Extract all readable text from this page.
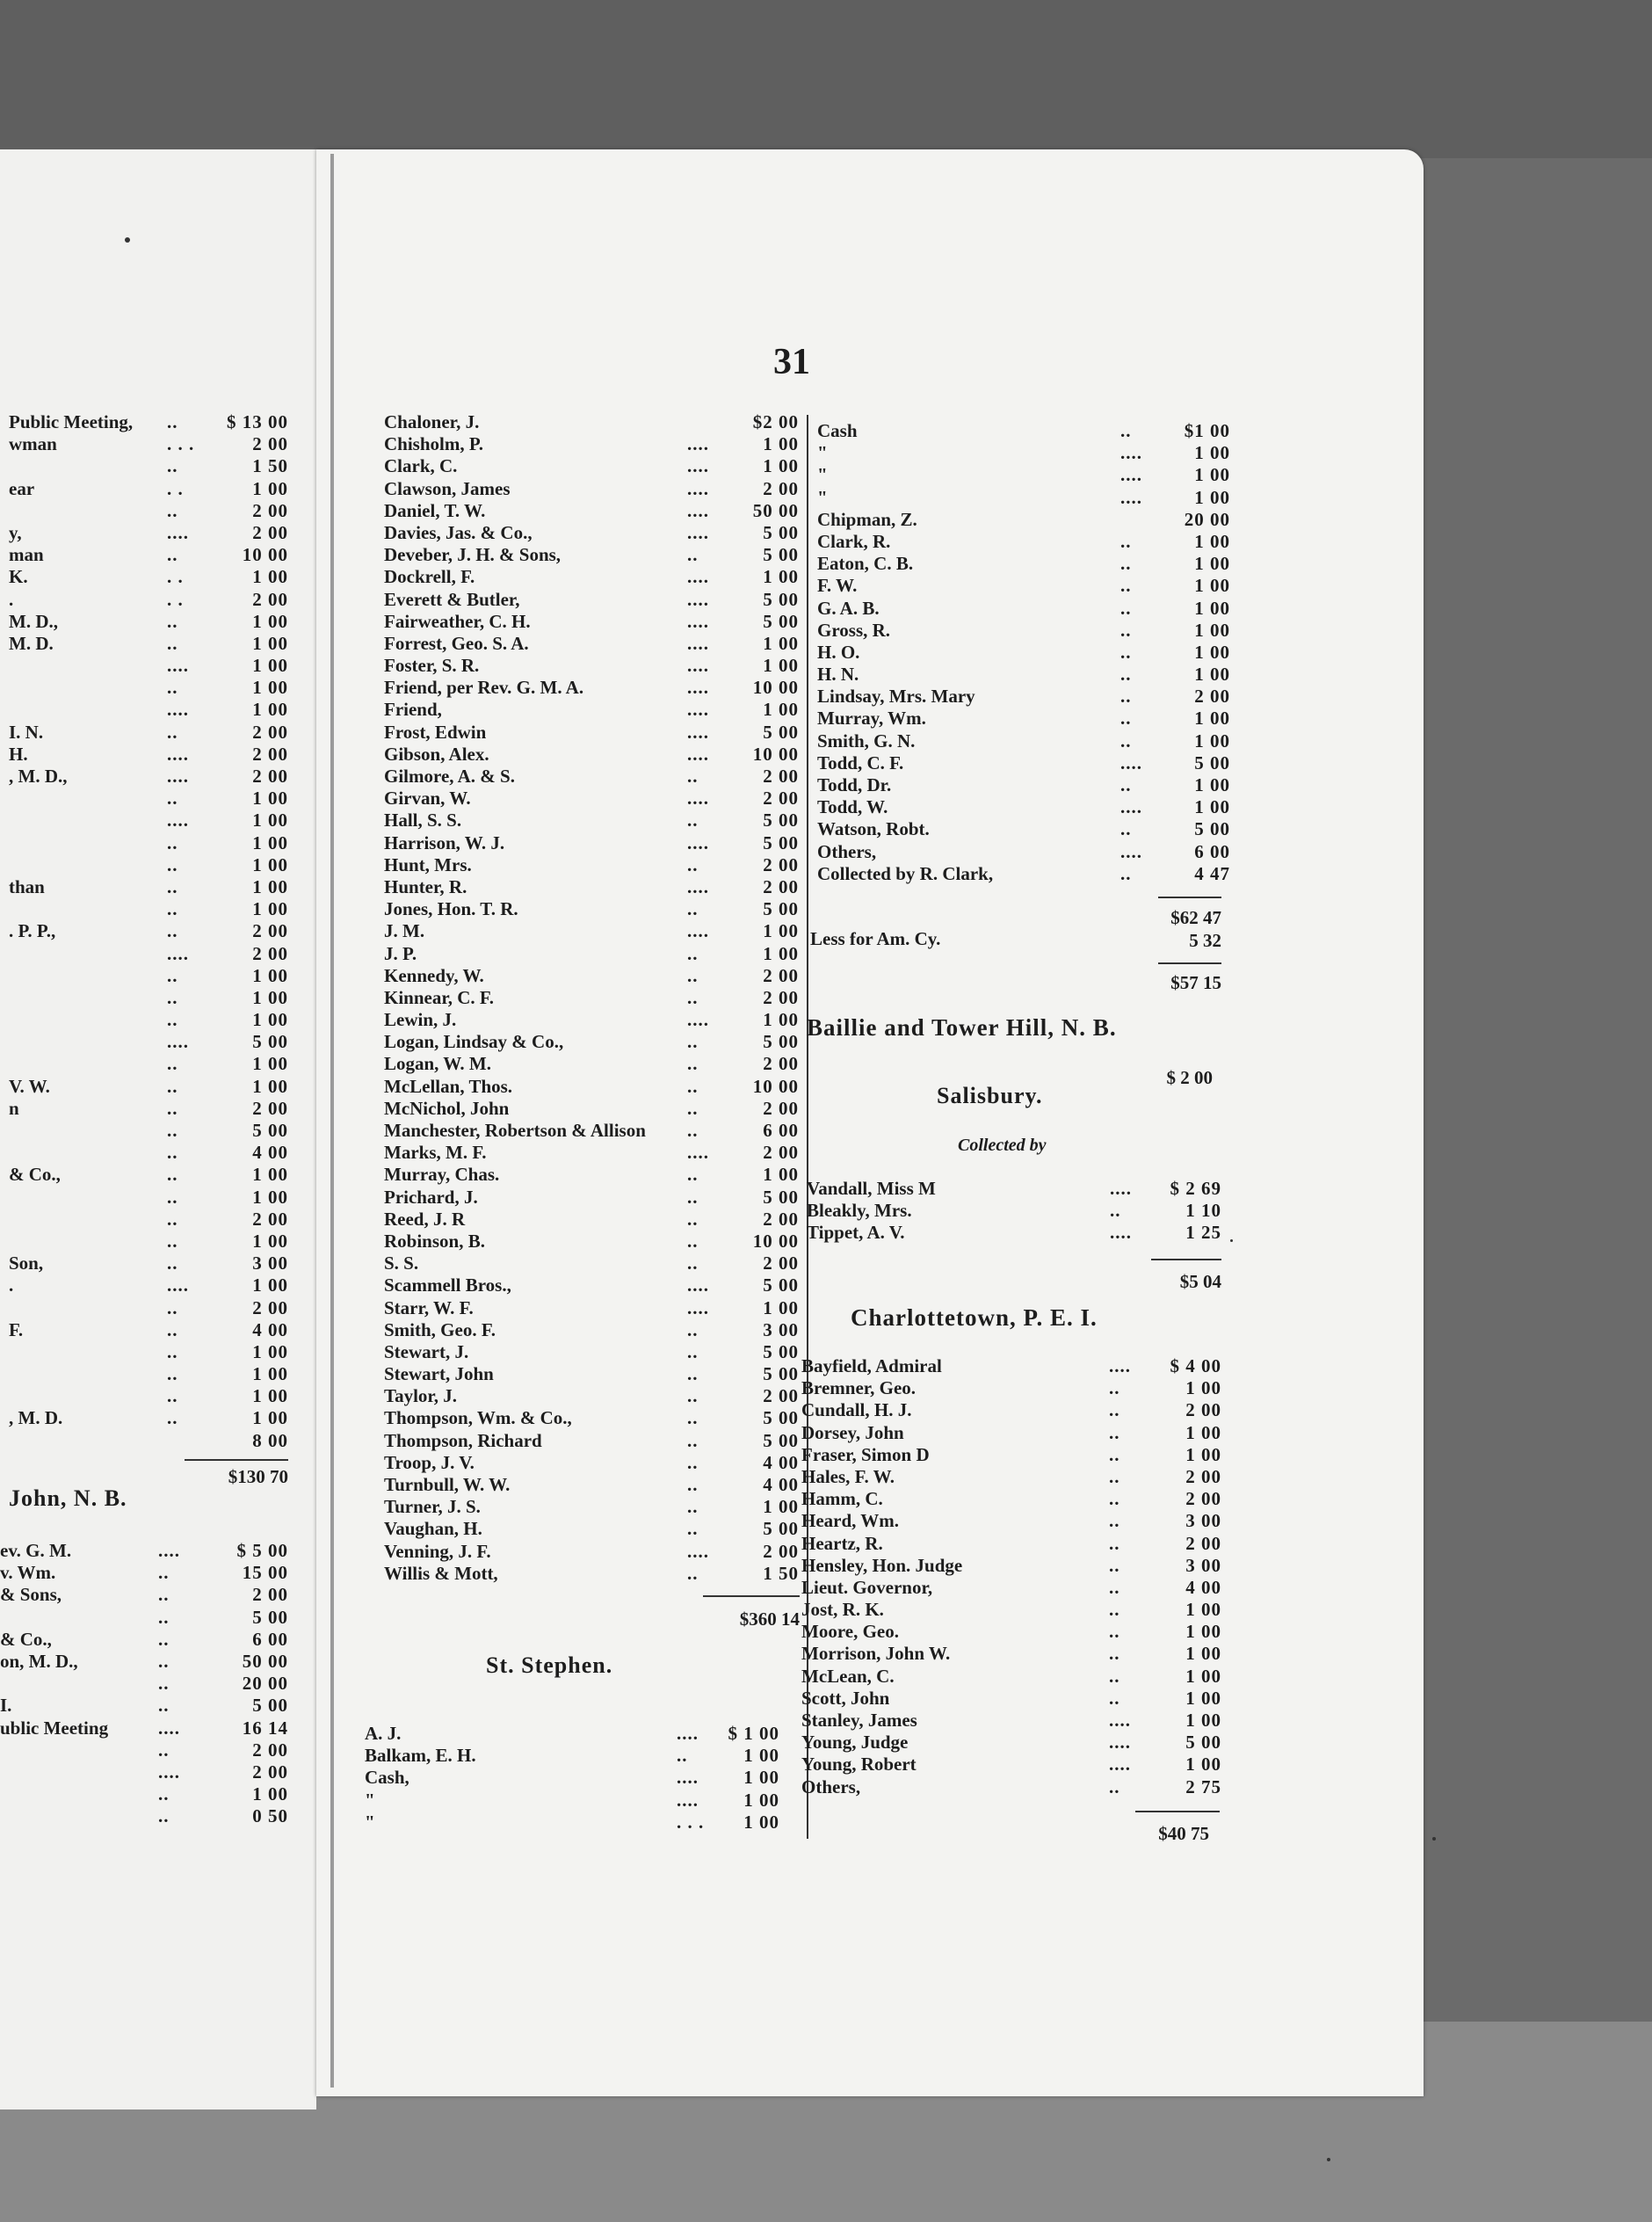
31
Public Meeting, ..	$ 13 00
wman	. . .	2 00
..	1 50
ear	. .	1 00
..	2 00
y,	....	2 00
man	..	10 00
K.	. .	1 00
.	. .	2 00
M. D.,	..	1 00
M. D.	..	1 00
....	1 00
..	1 00
....	1 00
I. N.	..	2 00
H.	....	2 00
, M. D.,	....	2 00
..	1 00
....	1 00
..	1 00
..	1 00
than	..	1 00
..	1 00
. P. P.,	..	2 00
....	2 00
..	1 00
..	1 00
..	1 00
....	5 00
..	1 00
V. W.	..	1 00
n	..	2 00
..	5 00
..	4 00
& Co.,	..	1 00
..	1 00
..	2 00
..	1 00
Son,	..	3 00
.	....	1 00
..	2 00
F.	..	4 00
..	1 00
..	1 00
..	1 00
, M. D.	..	1 00
8 00
$130 70
John, N. B.
ev. G. M.	....	$ 5 00
v. Wm.	..	15 00
& Sons,	..	2 00
..	5 00
& Co.,	..	6 00
on, M. D.,	..	50 00
..	20 00
I.	..	5 00
ublic Meeting	....	16 14
..	2 00
....	2 00
..	1 00
..	0 50
Chaloner, J.	$2 00
Chisholm, P.	....	1 00
Clark, C.	....	1 00
Clawson, James	....	2 00
Daniel, T. W.	.... 50 00
Davies, Jas. & Co.,	....	5 00
Deveber, J. H. & Sons,	..	5 00
Dockrell, F.	....	1 00
Everett & Butler,	....	5 00
Fairweather, C. H.	....	5 00
Forrest, Geo. S. A.	....	1 00
Foster, S. R.	....	1 00
Friend, per Rev. G. M. A.	.... 10 00
Friend,	....	1 00
Frost, Edwin	....	5 00
Gibson, Alex.	.... 10 00
Gilmore, A. & S.	..	2 00
Girvan, W.	....	2 00
Hall, S. S.	..	5 00
Harrison, W. J.	....	5 00
Hunt, Mrs.	..	2 00
Hunter, R.	....	2 00
Jones, Hon. T. R.	..	5 00
J. M.	....	1 00
J. P.	..	1 00
Kennedy, W.	..	2 00
Kinnear, C. F.	..	2 00
Lewin, J.	....	1 00
Logan, Lindsay & Co.,	..	5 00
Logan, W. M.	..	2 00
McLellan, Thos.	..	10 00
McNichol, John	..	2 00
Manchester, Robertson & Allison ..	6 00
Marks, M. F.	....	2 00
Murray, Chas.	..	1 00
Prichard, J.	..	5 00
Reed, J. R	..	2 00
Robinson, B.	..	10 00
S. S.	..	2 00
Scammell Bros.,	....	5 00
Starr, W. F.	....	1 00
Smith, Geo. F.	..	3 00
Stewart, J.	..	5 00
Stewart, John	..	5 00
Taylor, J.	..	2 00
Thompson, Wm. & Co.,	..	5 00
Thompson, Richard	..	5 00
Troop, J. V.	..	4 00
Turnbull, W. W.	..	4 00
Turner, J. S.	..	1 00
Vaughan, H.	..	5 00
Venning, J. F.	....	2 00
Willis & Mott,	..	1 50
$360 14
St. Stephen.
A. J.	.... $ 1 00
Balkam, E. H.	..	1 00
Cash,	.... 1 00
"	.... 1 00
"	. . . 1 00
Cash	..	$1 00
"	....	1 00
"	....	1 00
"	....	1 00
Chipman, Z.	20 00
Clark, R.	..	1 00
Eaton, C. B.	..	1 00
F. W.	..	1 00
G. A. B.	..	1 00
Gross, R.	..	1 00
H. O.	..	1 00
H. N.	..	1 00
Lindsay, Mrs. Mary	..	2 00
Murray, Wm.	..	1 00
Smith, G. N.	..	1 00
Todd, C. F.	....	5 00
Todd, Dr.	..	1 00
Todd, W.	....	1 00
Watson, Robt.	..	5 00
Others,	....	6 00
Collected by R. Clark,	..	4 47
$62 47
Less for Am. Cy.	5 32
$57 15
Baillie and Tower Hill, N. B.
$ 2 00
Salisbury.
Collected by
Vandall, Miss M	.... $ 2 69
Bleakly, Mrs.	..	1 10
Tippet, A. V.	....	1 25
$5 04
Charlottetown, P. E. I.
Bayfield, Admiral	.... $ 4 00
Bremner, Geo.	..	1 00
Cundall, H. J.	..	2 00
Dorsey, John	..	1 00
Fraser, Simon D	..	1 00
Hales, F. W.	..	2 00
Hamm, C.	..	2 00
Heard, Wm.	..	3 00
Heartz, R.	..	2 00
Hensley, Hon. Judge	..	3 00
Lieut. Governor,	..	4 00
Jost, R. K.	..	1 00
Moore, Geo.	..	1 00
Morrison, John W.	..	1 00
McLean, C.	..	1 00
Scott, John	..	1 00
Stanley, James	....	1 00
Young, Judge	....	5 00
Young, Robert	....	1 00
Others,	..	2 75
$40 75
